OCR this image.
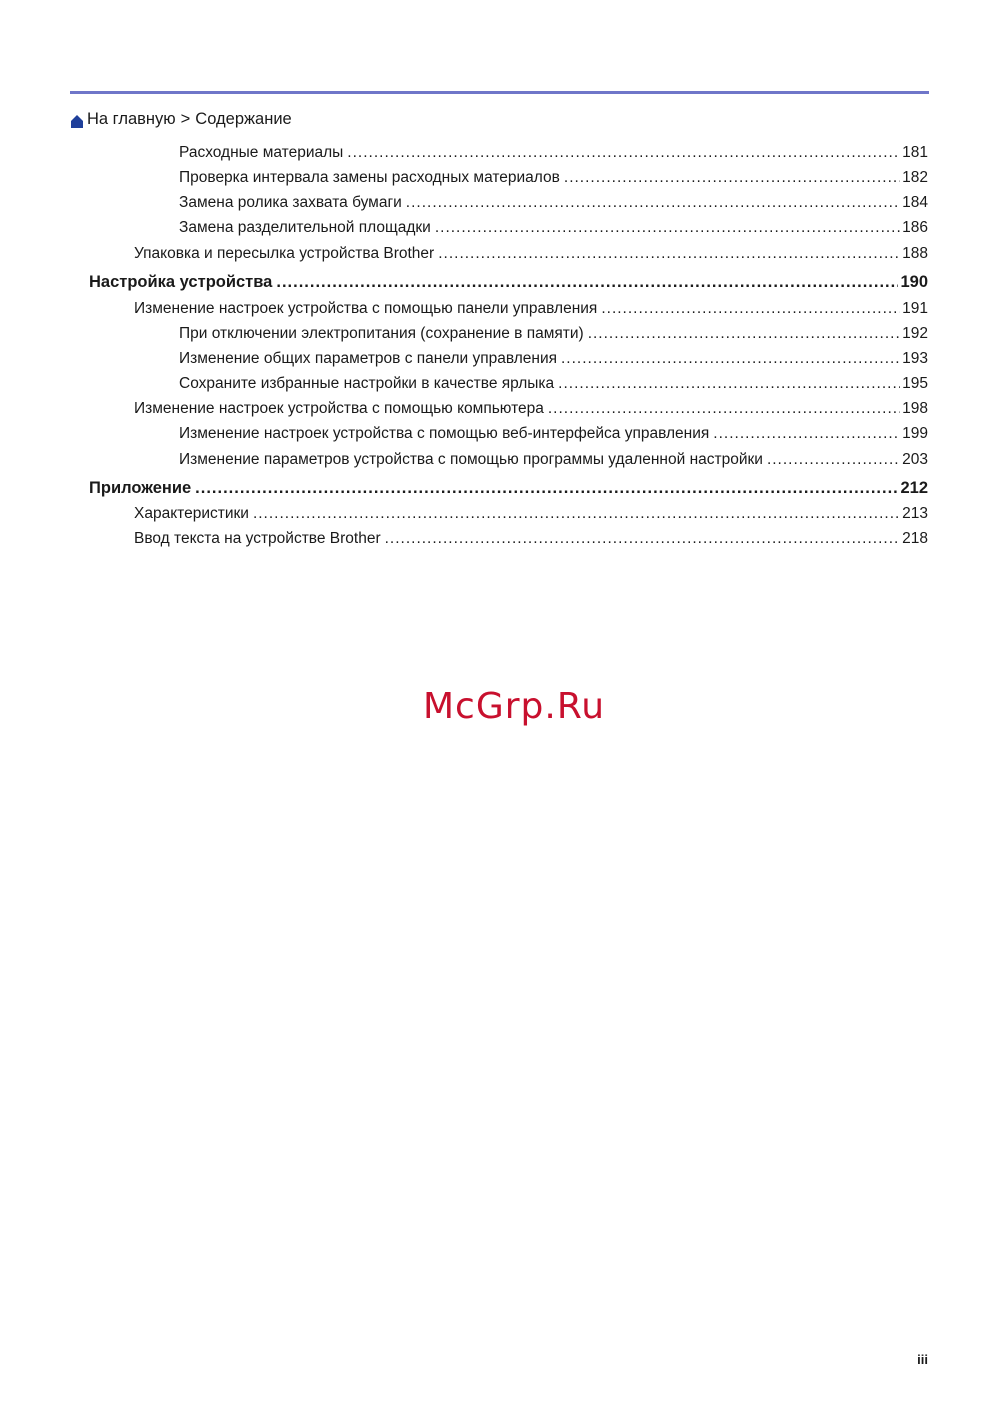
На главную > Содержание
Расходные материалы .....	181
Проверка интервала замены расходных материалов .....	182
Замена ролика захвата бумаги .....	184
Замена разделительной площадки .....	186
Упаковка и пересылка устройства Brother .....	188
Настройка устройства .....	190
Изменение настроек устройства с помощью панели управления .....	191
При отключении электропитания (сохранение в памяти) .....	192
Изменение общих параметров с панели управления .....	193
Сохраните избранные настройки в качестве ярлыка .....	195
Изменение настроек устройства с помощью компьютера .....	198
Изменение настроек устройства с помощью веб-интерфейса управления .....	199
Изменение параметров устройства с помощью программы удаленной настройки .....	203
Приложение .....	212
Характеристики .....	213
Ввод текста на устройстве Brother .....	218
McGrp.Ru
iii
